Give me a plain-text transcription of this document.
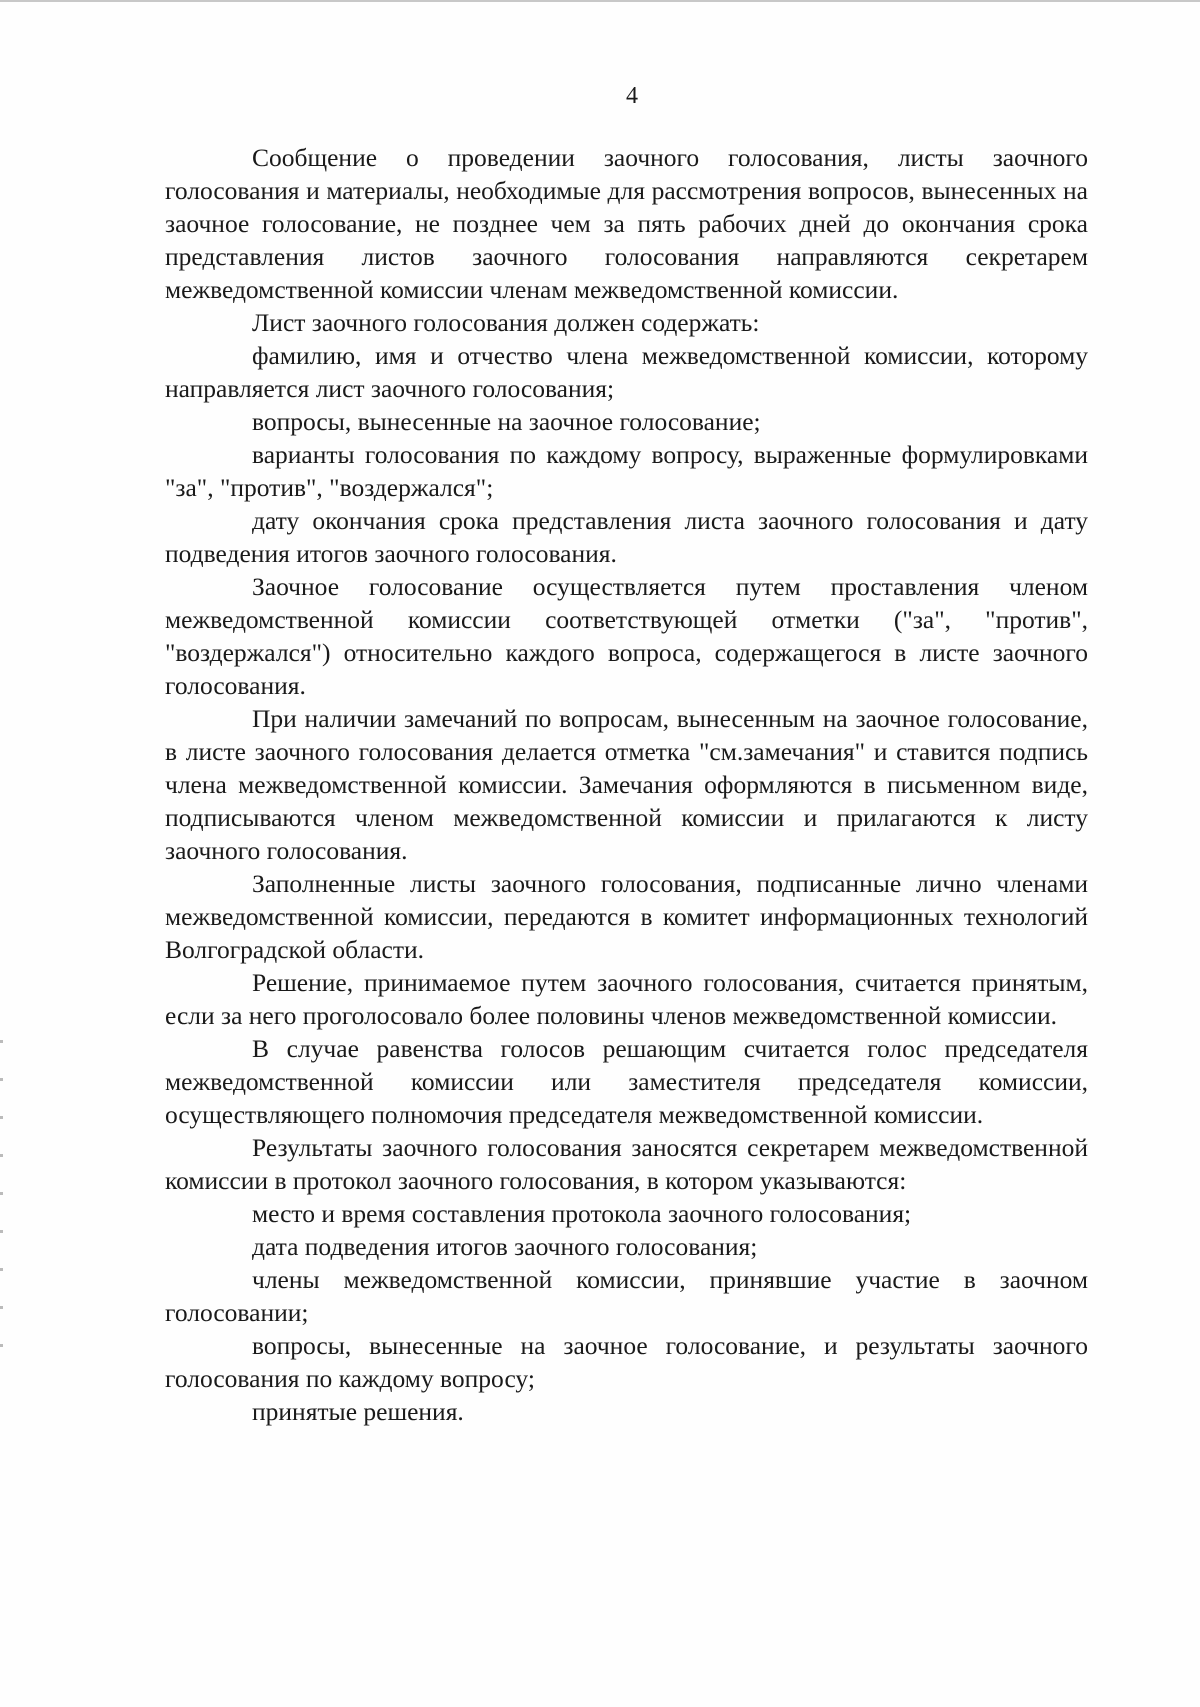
4

Сообщение о проведении заочного голосования, листы заочного голосования и материалы, необходимые для рассмотрения вопросов, вынесенных на заочное голосование, не позднее чем за пять рабочих дней до окончания срока представления листов заочного голосования направляются секретарем межведомственной комиссии членам межведомственной комиссии.

Лист заочного голосования должен содержать:

фамилию, имя и отчество члена межведомственной комиссии, которому направляется лист заочного голосования;

вопросы, вынесенные на заочное голосование;

варианты голосования по каждому вопросу, выраженные формулировками "за", "против", "воздержался";

дату окончания срока представления листа заочного голосования и дату подведения итогов заочного голосования.

Заочное голосование осуществляется путем проставления членом межведомственной комиссии соответствующей отметки ("за", "против", "воздержался") относительно каждого вопроса, содержащегося в листе заочного голосования.

При наличии замечаний по вопросам, вынесенным на заочное голосование, в листе заочного голосования делается отметка "см.замечания" и ставится подпись члена межведомственной комиссии. Замечания оформляются в письменном виде, подписываются членом межведомственной комиссии и прилагаются к листу заочного голосования.

Заполненные листы заочного голосования, подписанные лично членами межведомственной комиссии, передаются в комитет информационных технологий Волгоградской области.

Решение, принимаемое путем заочного голосования, считается принятым, если за него проголосовало более половины членов межведомственной комиссии.

В случае равенства голосов решающим считается голос председателя межведомственной комиссии или заместителя председателя комиссии, осуществляющего полномочия председателя межведомственной комиссии.

Результаты заочного голосования заносятся секретарем межведомственной комиссии в протокол заочного голосования, в котором указываются:

место и время составления протокола заочного голосования;

дата подведения итогов заочного голосования;

члены межведомственной комиссии, принявшие участие в заочном голосовании;

вопросы, вынесенные на заочное голосование, и результаты заочного голосования по каждому вопросу;

принятые решения.
